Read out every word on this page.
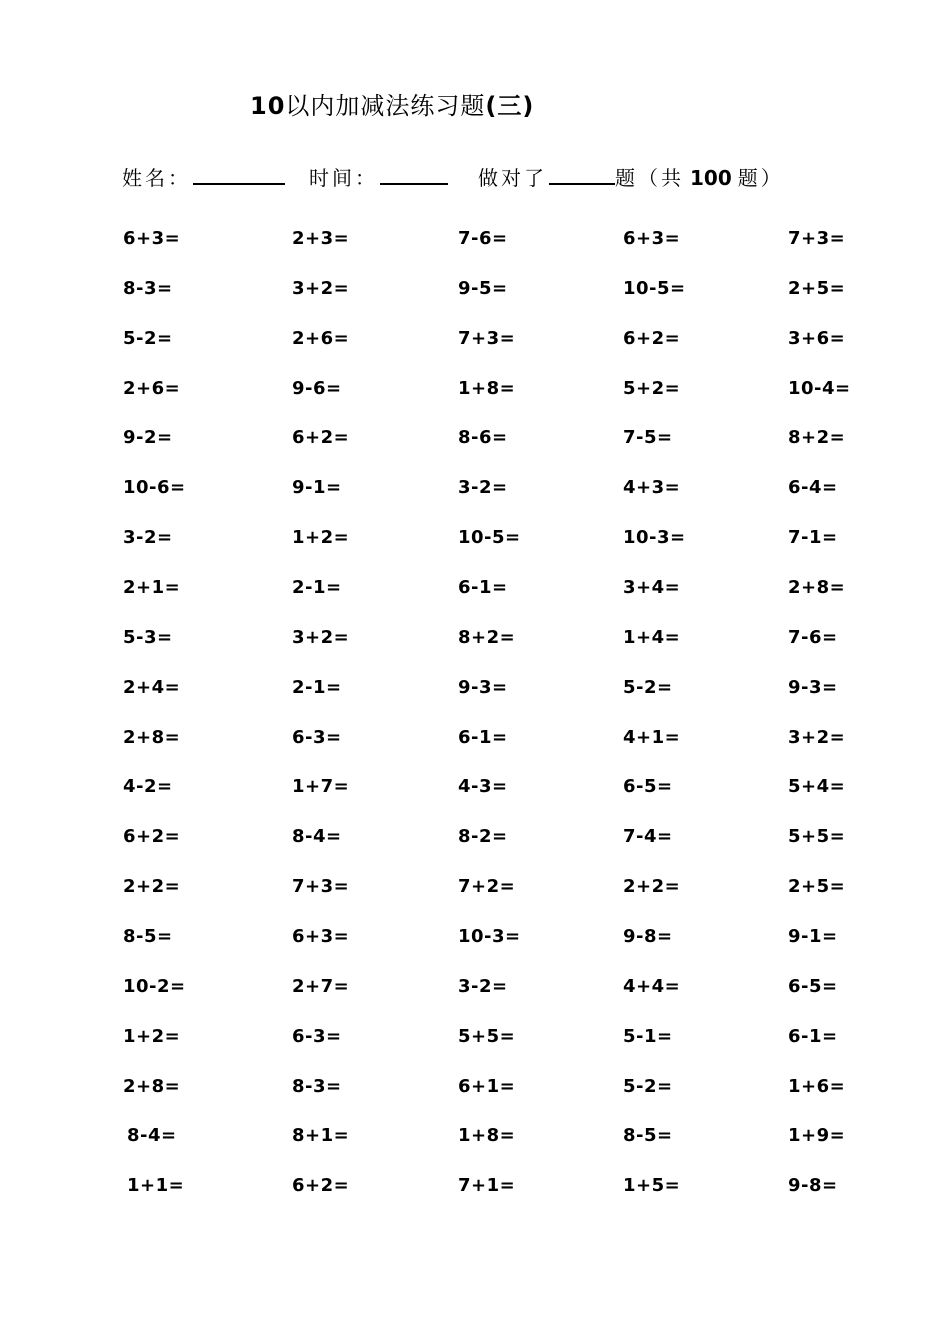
10以内加减法练习题(三)
姓名：	时间：	做对了	题（共 100 题）
6+3=	2+3=	7-6=	6+3=	7+3=
8-3=	3+2=	9-5=	10-5=	2+5=
5-2=	2+6=	7+3=	6+2=	3+6=
2+6=	9-6=	1+8=	5+2=	10-4=
9-2=	6+2=	8-6=	7-5=	8+2=
10-6=	9-1=	3-2=	4+3=	6-4=
3-2=	1+2=	10-5=	10-3=	7-1=
2+1=	2-1=	6-1=	3+4=	2+8=
5-3=	3+2=	8+2=	1+4=	7-6=
2+4=	2-1=	9-3=	5-2=	9-3=
2+8=	6-3=	6-1=	4+1=	3+2=
4-2=	1+7=	4-3=	6-5=	5+4=
6+2=	8-4=	8-2=	7-4=	5+5=
2+2=	7+3=	7+2=	2+2=	2+5=
8-5=	6+3=	10-3=	9-8=	9-1=
10-2=	2+7=	3-2=	4+4=	6-5=
1+2=	6-3=	5+5=	5-1=	6-1=
2+8=	8-3=	6+1=	5-2=	1+6=
8-4=	8+1=	1+8=	8-5=	1+9=
1+1=	6+2=	7+1=	1+5=	9-8=
